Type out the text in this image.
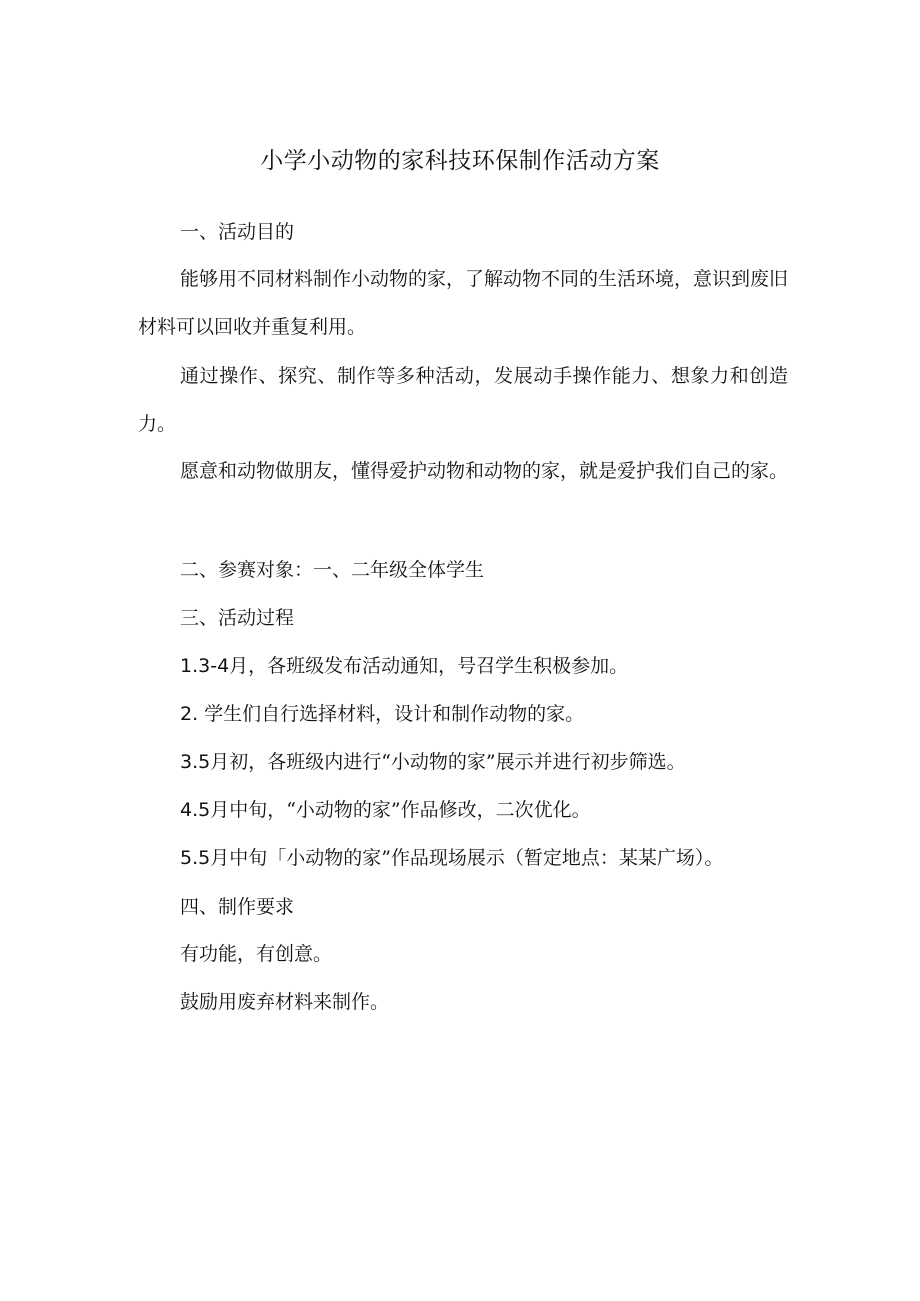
小学小动物的家科技环保制作活动方案
一、活动目的
能够用不同材料制作小动物的家，了解动物不同的生活环境，意识到废旧材料可以回收并重复利用。
通过操作、探究、制作等多种活动，发展动手操作能力、想象力和创造力。
愿意和动物做朋友，懂得爱护动物和动物的家，就是爱护我们自己的家。
二、参赛对象：一、二年级全体学生
三、活动过程
1.3-4月，各班级发布活动通知，号召学生积极参加。
2. 学生们自行选择材料，设计和制作动物的家。
3.5月初，各班级内进行“小动物的家”展示并进行初步筛选。
4.5月中旬，“小动物的家”作品修改，二次优化。
5.5月中旬「小动物的家”作品现场展示（暂定地点：某某广场）。
四、制作要求
有功能，有创意。
鼓励用废弃材料来制作。
